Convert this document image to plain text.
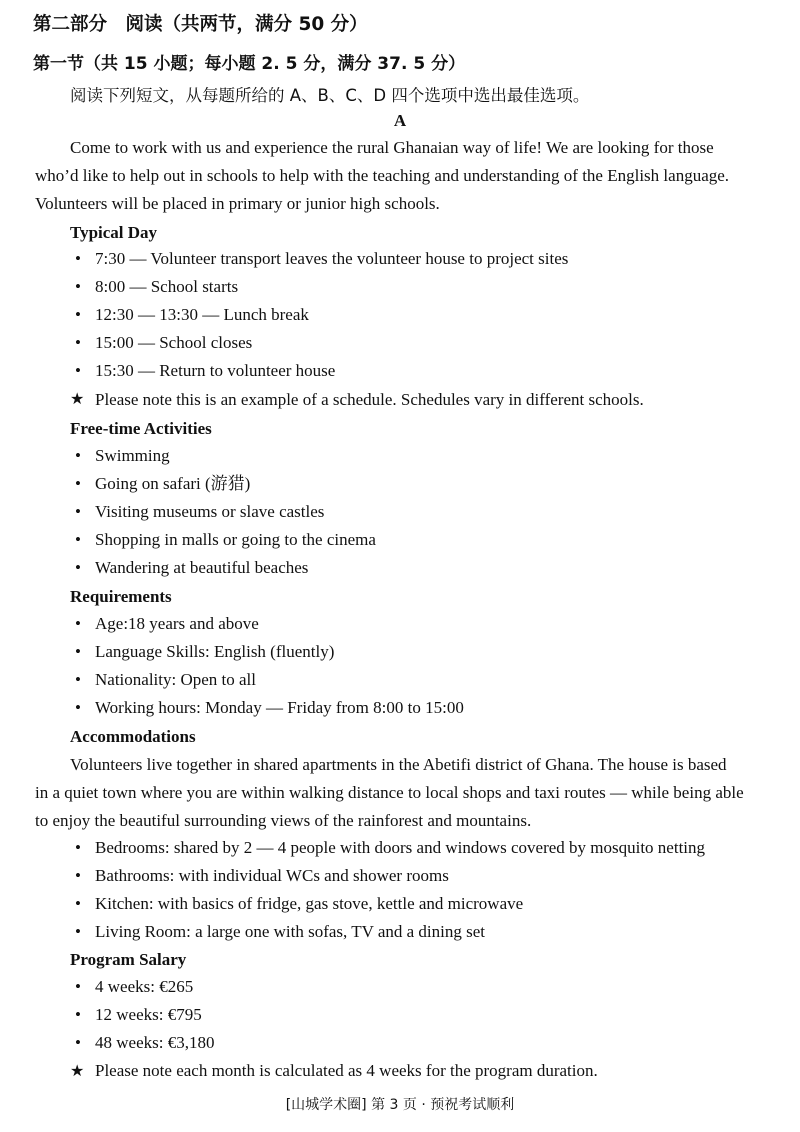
第二部分　阅读（共两节，满分 50 分）
第一节（共 15 小题；每小题 2. 5 分，满分 37. 5 分）
阅读下列短文，从每题所给的 A、B、C、D 四个选项中选出最佳选项。
A
Come to work with us and experience the rural Ghanaian way of life! We are looking for those
who’d like to help out in schools to help with the teaching and understanding of the English language.
Volunteers will be placed in primary or junior high schools.
Typical Day
• 7:30 — Volunteer transport leaves the volunteer house to project sites
• 8:00 — School starts
• 12:30 — 13:30 — Lunch break
• 15:00 — School closes
• 15:30 — Return to volunteer house
★ Please note this is an example of a schedule. Schedules vary in different schools.
Free-time Activities
• Swimming
• Going on safari (游猎)
• Visiting museums or slave castles
• Shopping in malls or going to the cinema
• Wandering at beautiful beaches
Requirements
• Age:18 years and above
• Language Skills: English (fluently)
• Nationality: Open to all
• Working hours: Monday — Friday from 8:00 to 15:00
Accommodations
Volunteers live together in shared apartments in the Abetifi district of Ghana. The house is based
in a quiet town where you are within walking distance to local shops and taxi routes — while being able
to enjoy the beautiful surrounding views of the rainforest and mountains.
• Bedrooms: shared by 2 — 4 people with doors and windows covered by mosquito netting
• Bathrooms: with individual WCs and shower rooms
• Kitchen: with basics of fridge, gas stove, kettle and microwave
• Living Room: a large one with sofas, TV and a dining set
Program Salary
• 4 weeks: €265
• 12 weeks: €795
• 48 weeks: €3,180
★ Please note each month is calculated as 4 weeks for the program duration.
[山城学术圈] 第 3 页 · 预祝考试顺利
